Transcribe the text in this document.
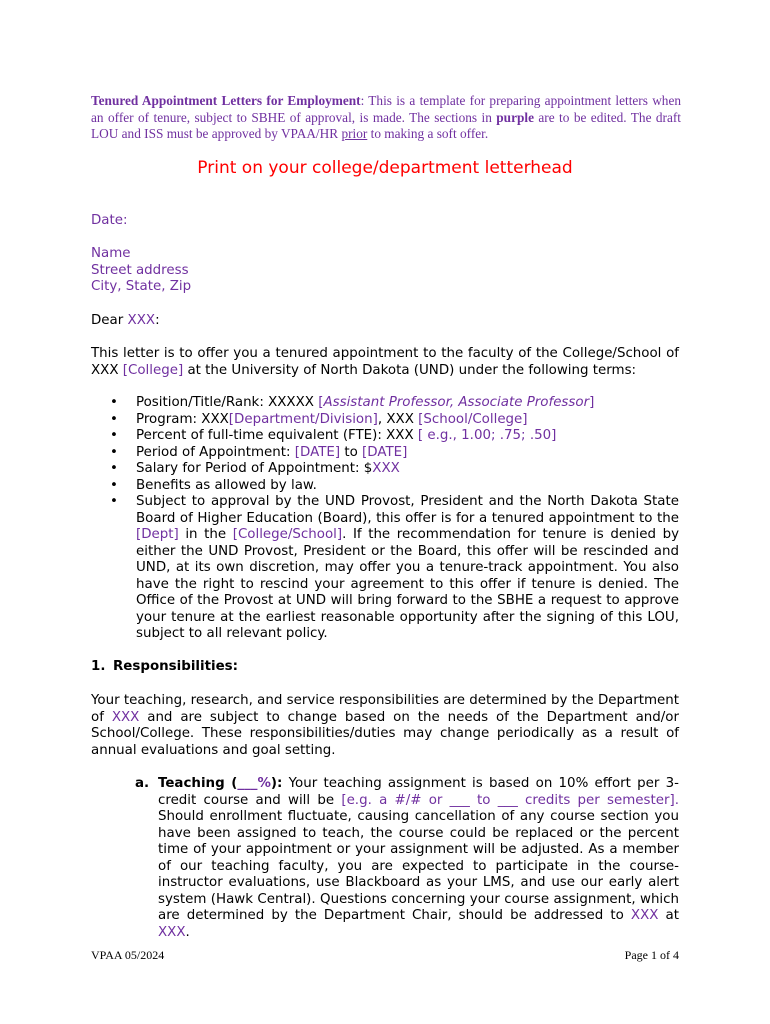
Tenured Appointment Letters for Employment: This is a template for preparing appointment letters when an offer of tenure, subject to SBHE of approval, is made. The sections in purple are to be edited. The draft LOU and ISS must be approved by VPAA/HR prior to making a soft offer.
Print on your college/department letterhead
Date:
Name
Street address
City, State, Zip
Dear XXX:
This letter is to offer you a tenured appointment to the faculty of the College/School of XXX [College] at the University of North Dakota (UND) under the following terms:
• Position/Title/Rank: XXXXX [Assistant Professor, Associate Professor]
• Program: XXX[Department/Division], XXX [School/College]
• Percent of full-time equivalent (FTE): XXX [ e.g., 1.00; .75; .50]
• Period of Appointment: [DATE] to [DATE]
• Salary for Period of Appointment: $XXX
• Benefits as allowed by law.
• Subject to approval by the UND Provost, President and the North Dakota State Board of Higher Education (Board), this offer is for a tenured appointment to the [Dept] in the [College/School]. If the recommendation for tenure is denied by either the UND Provost, President or the Board, this offer will be rescinded and UND, at its own discretion, may offer you a tenure-track appointment. You also have the right to rescind your agreement to this offer if tenure is denied. The Office of the Provost at UND will bring forward to the SBHE a request to approve your tenure at the earliest reasonable opportunity after the signing of this LOU, subject to all relevant policy.
1. Responsibilities:
Your teaching, research, and service responsibilities are determined by the Department of XXX and are subject to change based on the needs of the Department and/or School/College. These responsibilities/duties may change periodically as a result of annual evaluations and goal setting.
a. Teaching (___%): Your teaching assignment is based on 10% effort per 3-credit course and will be [e.g. a #/# or ___ to ___ credits per semester]. Should enrollment fluctuate, causing cancellation of any course section you have been assigned to teach, the course could be replaced or the percent time of your appointment or your assignment will be adjusted. As a member of our teaching faculty, you are expected to participate in the course-instructor evaluations, use Blackboard as your LMS, and use our early alert system (Hawk Central). Questions concerning your course assignment, which are determined by the Department Chair, should be addressed to XXX at XXX.
VPAA 05/2024	Page 1 of 4
